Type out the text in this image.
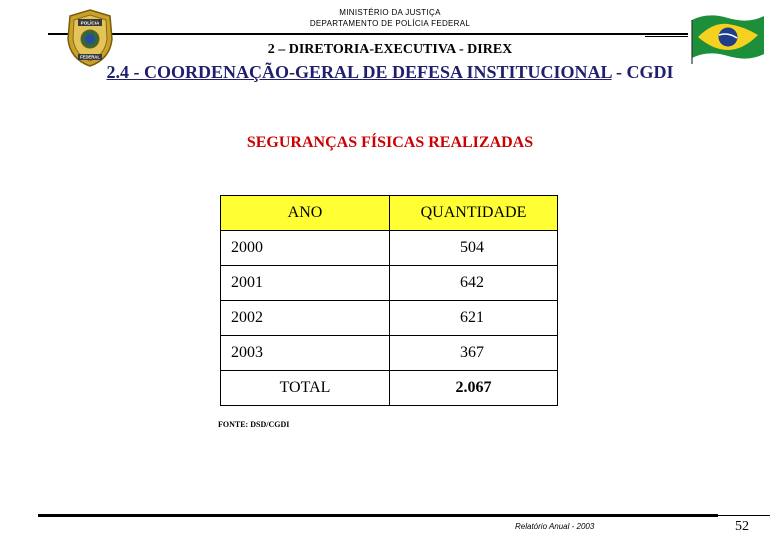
MINISTÉRIO DA JUSTIÇA
DEPARTAMENTO DE POLÍCIA FEDERAL
POLÍCIA
FEDERAL
2 – DIRETORIA-EXECUTIVA - DIREX
2.4 - COORDENAÇÃO-GERAL DE DEFESA INSTITUCIONAL - CGDI
SEGURANÇAS FÍSICAS REALIZADAS
ANO	QUANTIDADE
2000	504
2001	642
2002	621
2003	367
TOTAL	2.067
FONTE: DSD/CGDI
Relatório Anual - 2003	52
